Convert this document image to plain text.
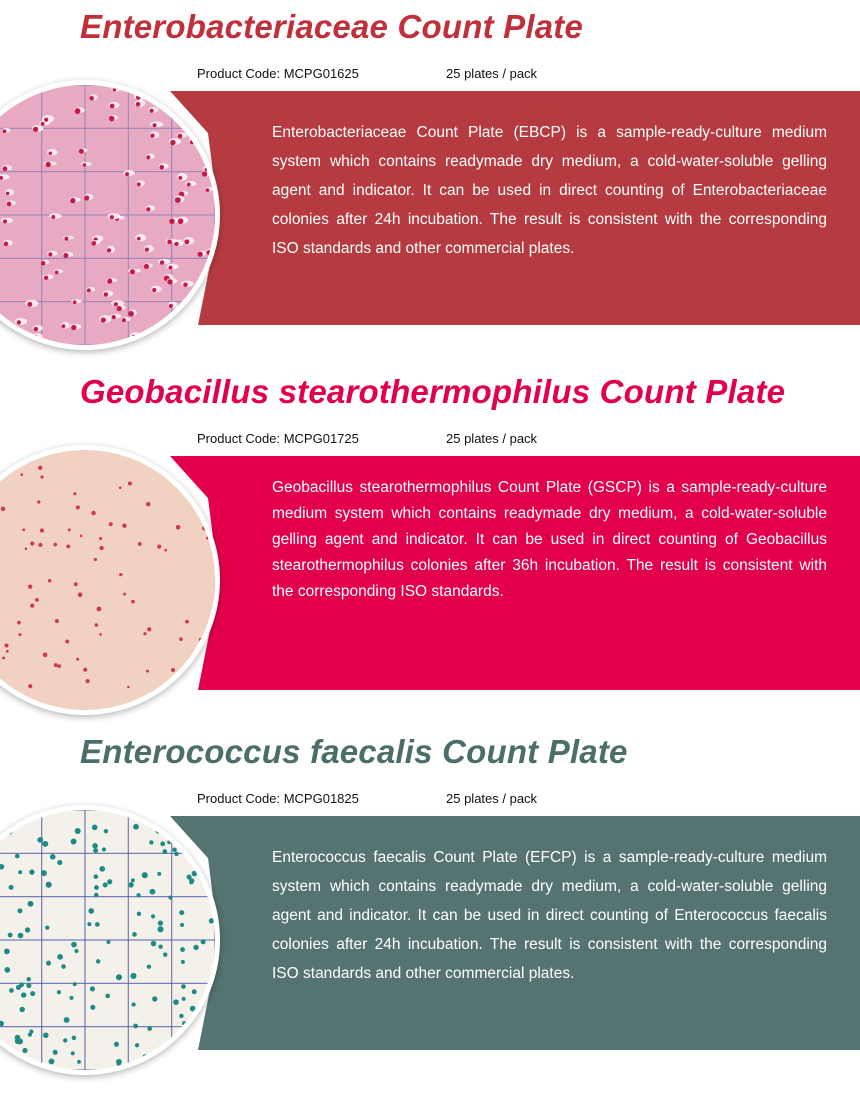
Enterobacteriaceae Count Plate
Product Code: MCPG01625	25 plates / pack

Enterobacteriaceae Count Plate (EBCP) is a sample-ready-culture medium system which contains readymade dry medium, a cold-water-soluble gelling agent and indicator. It can be used in direct counting of Enterobacteriaceae colonies after 24h incubation. The result is consistent with the corresponding ISO standards and other commercial plates.

Geobacillus stearothermophilus Count Plate
Product Code: MCPG01725	25 plates / pack

Geobacillus stearothermophilus Count Plate (GSCP) is a sample-ready-culture medium system which contains readymade dry medium, a cold-water-soluble gelling agent and indicator. It can be used in direct counting of Geobacillus stearothermophilus colonies after 36h incubation. The result is consistent with the corresponding ISO standards.

Enterococcus faecalis Count Plate
Product Code: MCPG01825	25 plates / pack

Enterococcus faecalis Count Plate (EFCP) is a sample-ready-culture medium system which contains readymade dry medium, a cold-water-soluble gelling agent and indicator. It can be used in direct counting of Enterococcus faecalis colonies after 24h incubation. The result is consistent with the corresponding ISO standards and other commercial plates.
